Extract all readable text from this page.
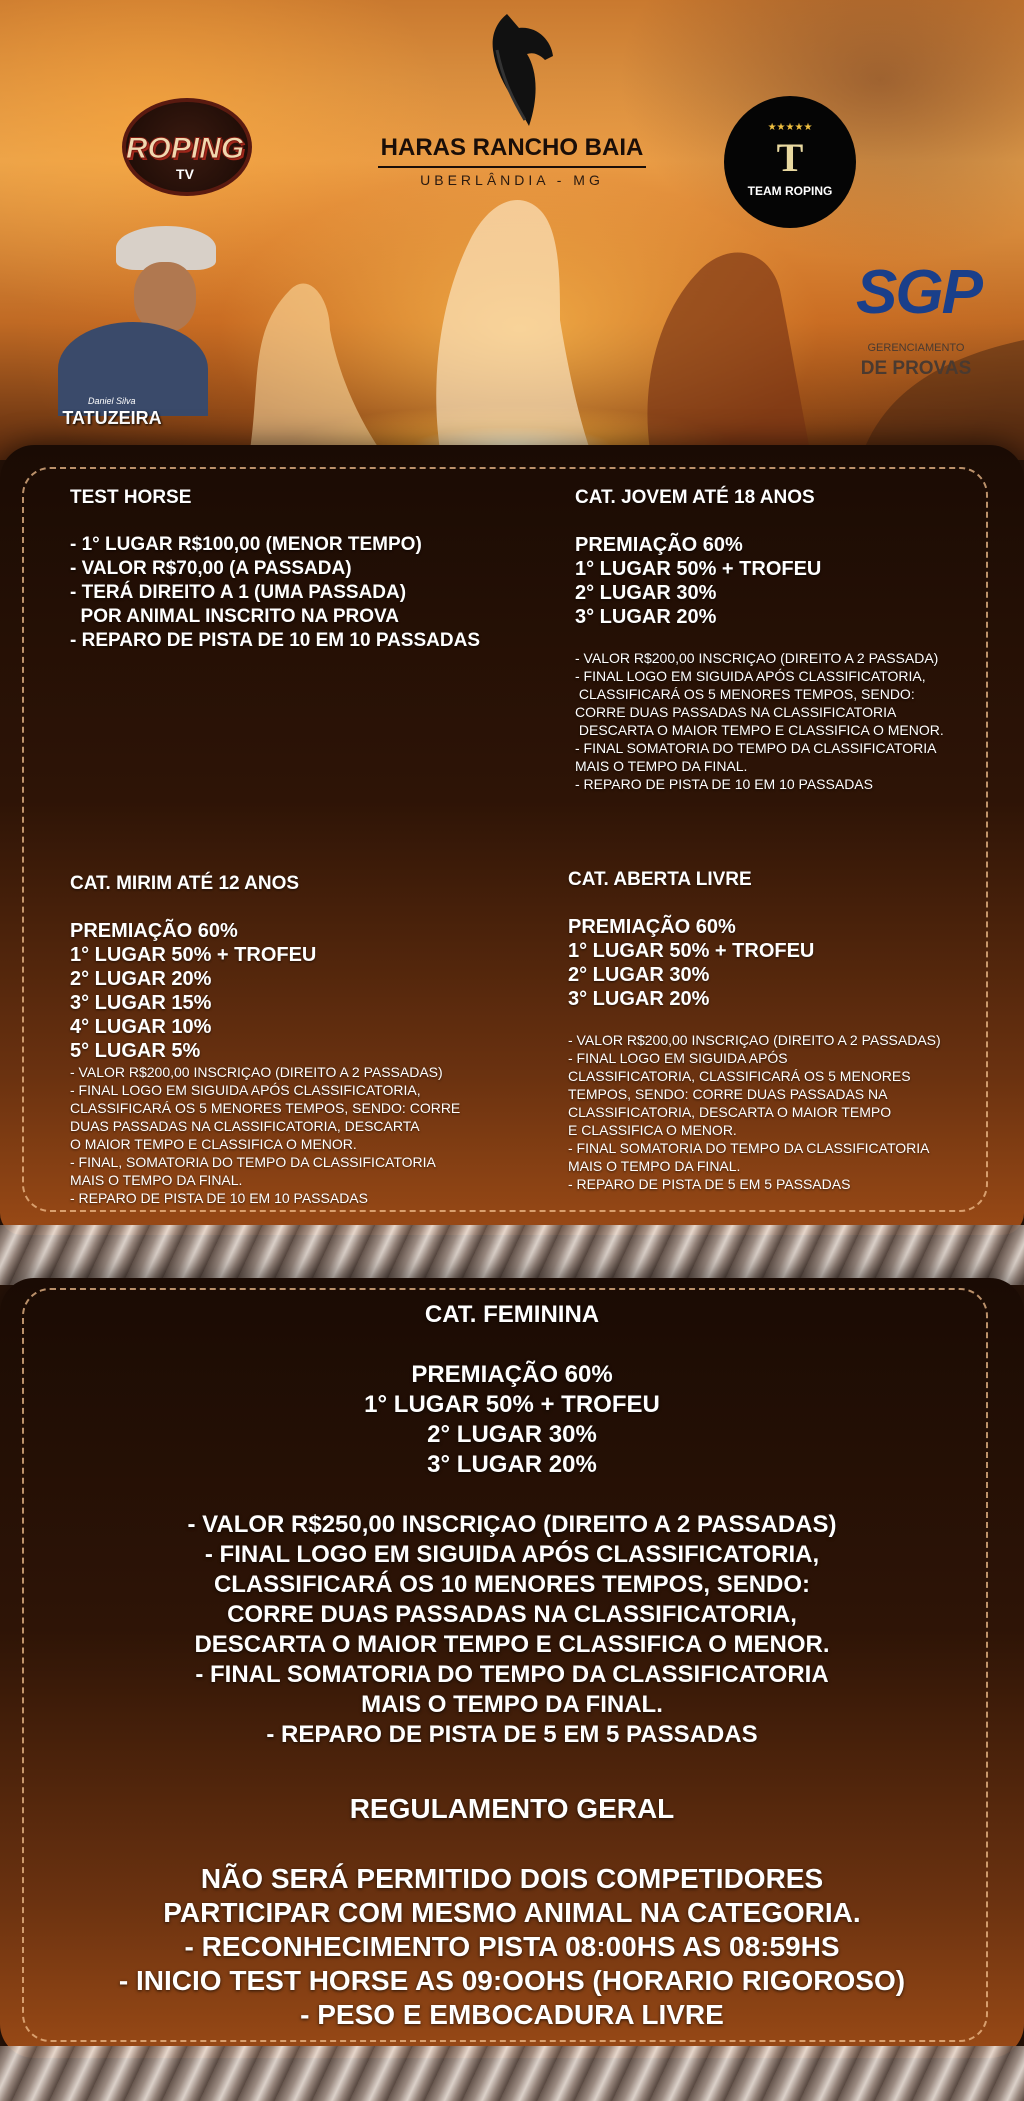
ROPING
TV
HARAS RANCHO BAIA
UBERLÂNDIA - MG
★★★★★
T
TEAM ROPING
SGP
GERENCIAMENTO
DE PROVAS
Daniel Silva
TATUZEIRA
TEST HORSE
- 1° LUGAR R$100,00 (MENOR TEMPO)
- VALOR R$70,00 (A PASSADA)
- TERÁ DIREITO A 1 (UMA PASSADA)
POR ANIMAL INSCRITO NA PROVA
- REPARO DE PISTA DE 10 EM 10 PASSADAS
CAT. JOVEM ATÉ 18 ANOS
PREMIAÇÃO 60%
1° LUGAR 50% + TROFEU
2° LUGAR 30%
3° LUGAR 20%
- VALOR R$200,00 INSCRIÇAO (DIREITO A 2 PASSADA)
- FINAL LOGO EM SIGUIDA APÓS CLASSIFICATORIA,
CLASSIFICARÁ OS 5 MENORES TEMPOS, SENDO:
CORRE DUAS PASSADAS NA CLASSIFICATORIA
DESCARTA O MAIOR TEMPO E CLASSIFICA O MENOR.
- FINAL SOMATORIA DO TEMPO DA CLASSIFICATORIA
MAIS O TEMPO DA FINAL.
- REPARO DE PISTA DE 10 EM 10 PASSADAS
CAT. MIRIM ATÉ 12 ANOS
PREMIAÇÃO 60%
1° LUGAR 50% + TROFEU
2° LUGAR 20%
3° LUGAR 15%
4° LUGAR 10%
5° LUGAR 5%
- VALOR R$200,00 INSCRIÇAO (DIREITO A 2 PASSADAS)
- FINAL LOGO EM SIGUIDA APÓS CLASSIFICATORIA,
CLASSIFICARÁ OS 5 MENORES TEMPOS, SENDO: CORRE
DUAS PASSADAS NA CLASSIFICATORIA, DESCARTA
O MAIOR TEMPO E CLASSIFICA O MENOR.
- FINAL, SOMATORIA DO TEMPO DA CLASSIFICATORIA
MAIS O TEMPO DA FINAL.
- REPARO DE PISTA DE 10 EM 10 PASSADAS
CAT. ABERTA LIVRE
PREMIAÇÃO 60%
1° LUGAR 50% + TROFEU
2° LUGAR 30%
3° LUGAR 20%
- VALOR R$200,00 INSCRIÇAO (DIREITO A 2 PASSADAS)
- FINAL LOGO EM SIGUIDA APÓS
CLASSIFICATORIA, CLASSIFICARÁ OS 5 MENORES
TEMPOS, SENDO: CORRE DUAS PASSADAS NA
CLASSIFICATORIA, DESCARTA O MAIOR TEMPO
E CLASSIFICA O MENOR.
- FINAL SOMATORIA DO TEMPO DA CLASSIFICATORIA
MAIS O TEMPO DA FINAL.
- REPARO DE PISTA DE 5 EM 5 PASSADAS
CAT. FEMININA
PREMIAÇÃO 60%
1° LUGAR 50% + TROFEU
2° LUGAR 30%
3° LUGAR 20%
- VALOR R$250,00 INSCRIÇAO (DIREITO A 2 PASSADAS)
- FINAL LOGO EM SIGUIDA APÓS CLASSIFICATORIA,
CLASSIFICARÁ OS 10 MENORES TEMPOS, SENDO:
CORRE DUAS PASSADAS NA CLASSIFICATORIA,
DESCARTA O MAIOR TEMPO E CLASSIFICA O MENOR.
- FINAL SOMATORIA DO TEMPO DA CLASSIFICATORIA
MAIS O TEMPO DA FINAL.
- REPARO DE PISTA DE 5 EM 5 PASSADAS
REGULAMENTO GERAL
NÃO SERÁ PERMITIDO DOIS COMPETIDORES
PARTICIPAR COM MESMO ANIMAL NA CATEGORIA.
- RECONHECIMENTO PISTA 08:00HS AS 08:59HS
- INICIO TEST HORSE AS 09:OOHS (HORARIO RIGOROSO)
- PESO E EMBOCADURA LIVRE
